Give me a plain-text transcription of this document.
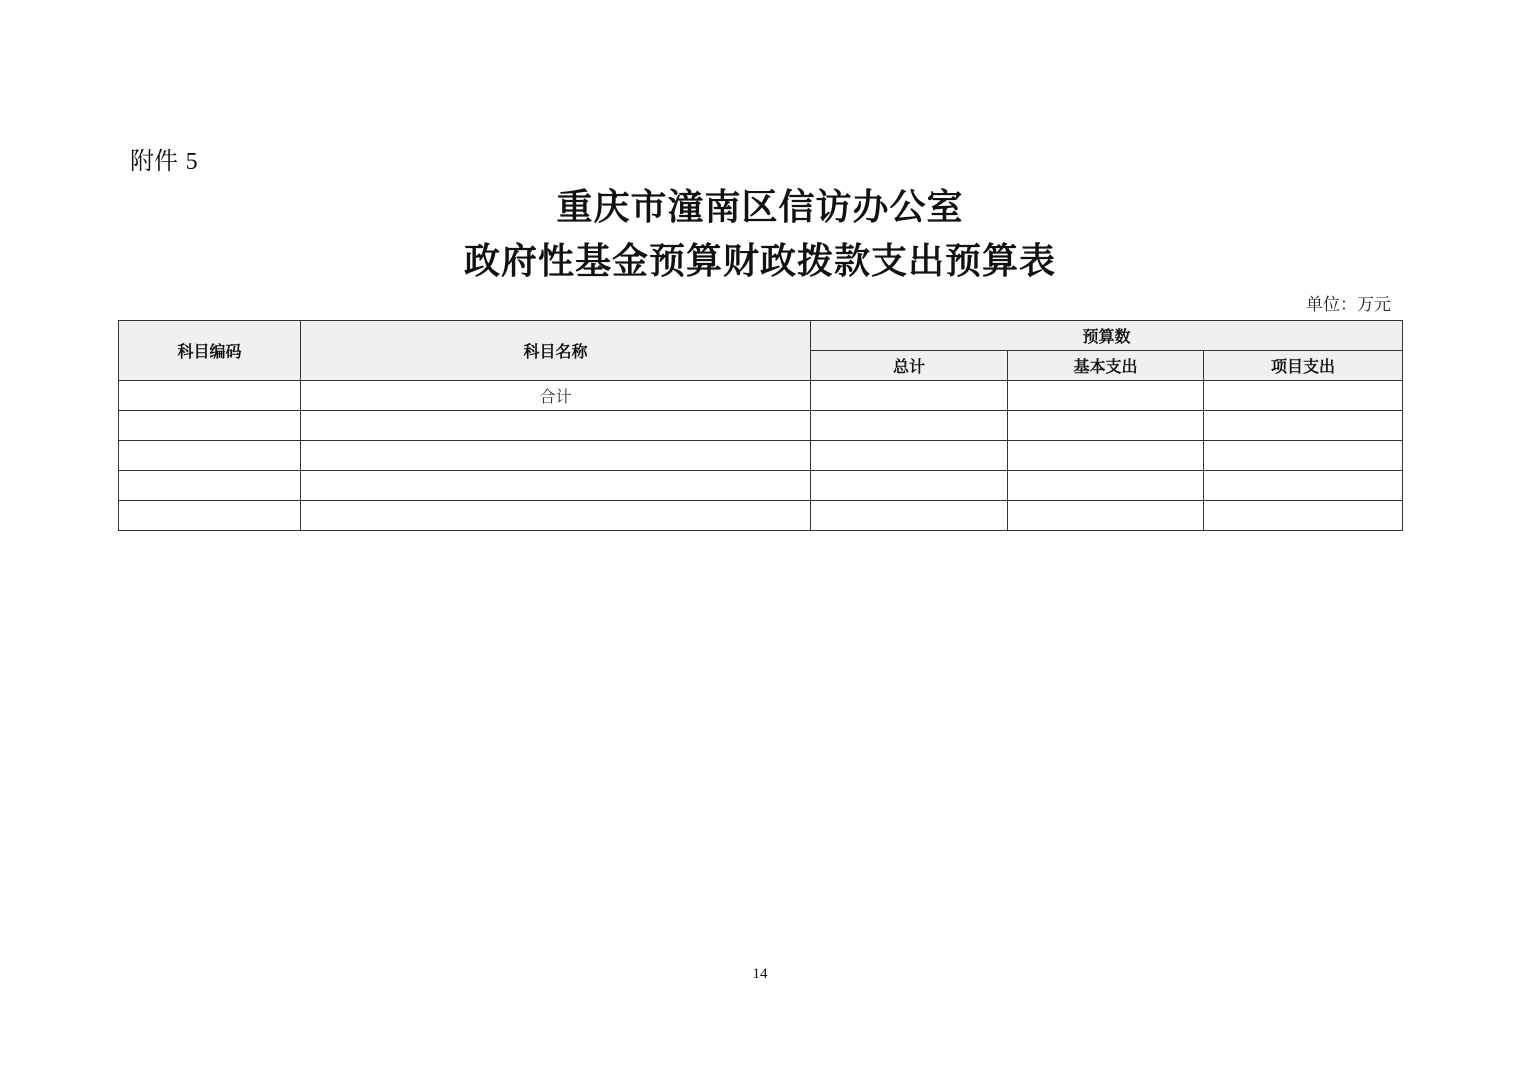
附件 5
重庆市潼南区信访办公室
政府性基金预算财政拨款支出预算表
单位：万元
科目编码	科目名称	预算数		
		总计	基本支出	项目支出
	合计			

14
